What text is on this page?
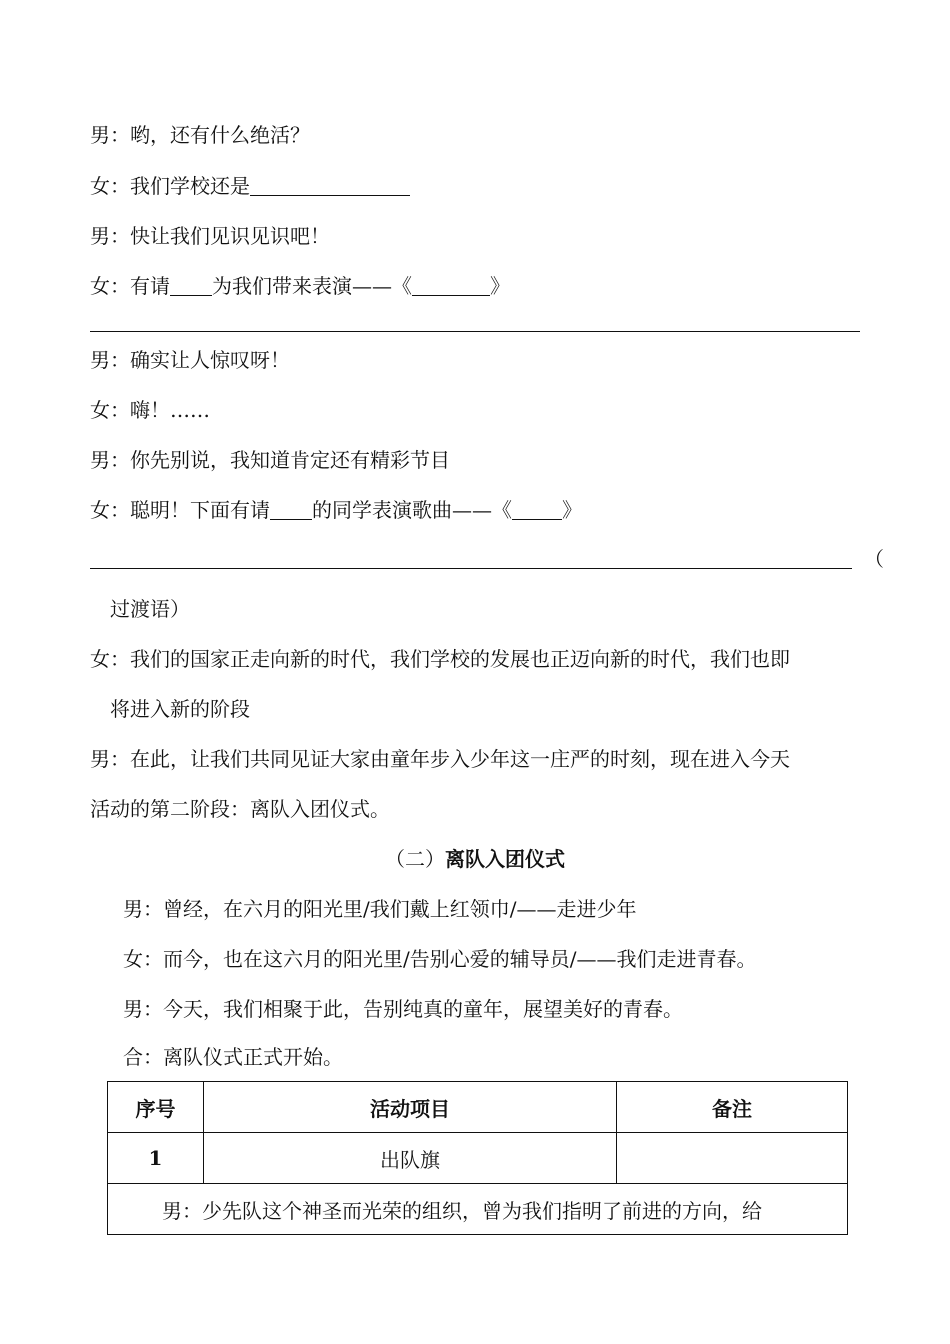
男：哟，还有什么绝活？
女：我们学校还是
男：快让我们见识见识吧！
女：有请 为我们带来表演——《	》
男：确实让人惊叹呀！
女：嗨！……
男：你先别说，我知道肯定还有精彩节目
女：聪明！下面有请 的同学表演歌曲——《	》
（
过渡语）
女：我们的国家正走向新的时代，我们学校的发展也正迈向新的时代，我们也即
将进入新的阶段
男：在此，让我们共同见证大家由童年步入少年这一庄严的时刻，现在进入今天
活动的第二阶段：离队入团仪式。
（二）离队入团仪式
男：曾经，在六月的阳光里/我们戴上红领巾/——走进少年
女：而今，也在这六月的阳光里/告别心爱的辅导员/——我们走进青春。
男：今天，我们相聚于此，告别纯真的童年，展望美好的青春。
合：离队仪式正式开始。
序号	活动项目	备注
1	出队旗	
男：少先队这个神圣而光荣的组织，曾为我们指明了前进的方向，给		
